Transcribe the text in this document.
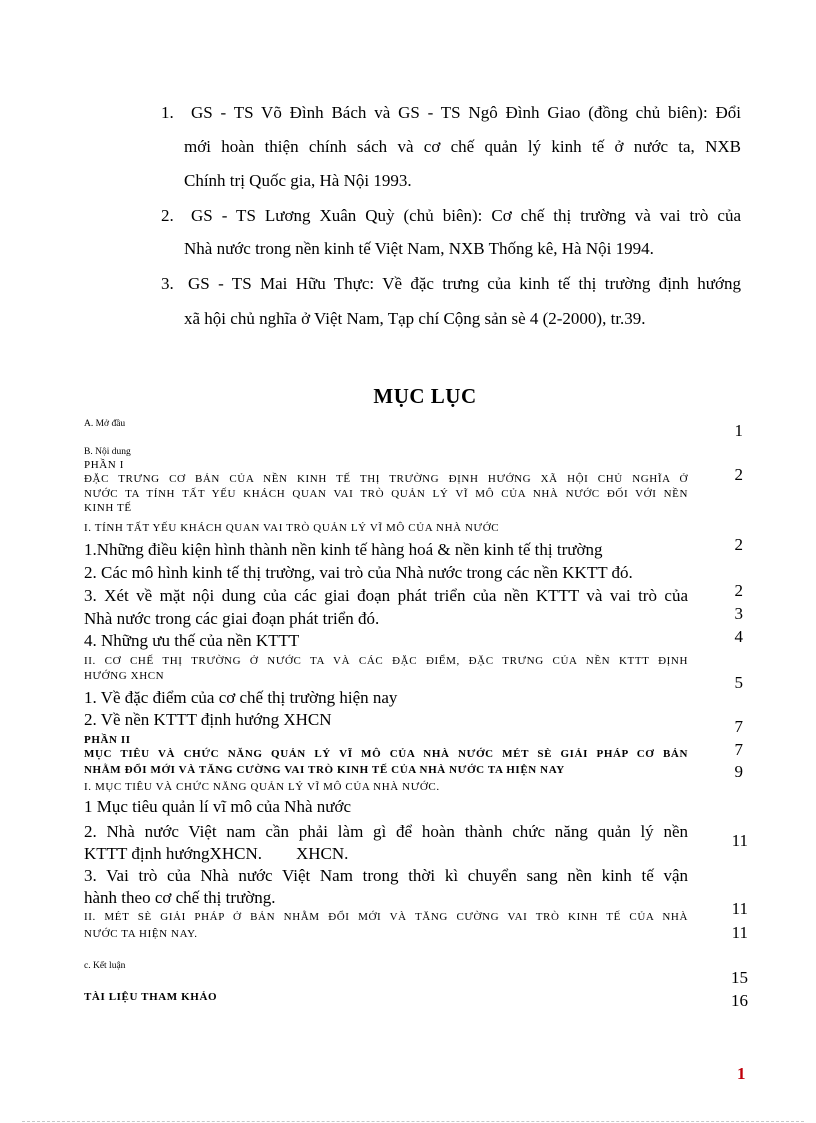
1. GS - TS Võ Đình Bách và GS - TS Ngô Đình Giao (đồng chủ biên): Đổi
mới hoàn thiện chính sách và cơ chế quản lý kinh tế ở nước ta, NXB
Chính trị Quốc gia, Hà Nội 1993.
2. GS - TS Lương Xuân Quỳ (chủ biên): Cơ chế thị trường và vai trò của
Nhà nước trong nền kinh tế Việt Nam, NXB Thống kê, Hà Nội 1994.
3. GS - TS Mai Hữu Thực: Về đặc trưng của kinh tế thị trường định hướng
xã hội chủ nghĩa ở Việt Nam, Tạp chí Cộng sản sè 4 (2-2000), tr.39.
MỤC LỤC
A. Mở đầu
B. Nội dung
PHẦN I
ĐẶC TRƯNG CƠ BẢN CỦA NỀN KINH TẾ THỊ TRƯỜNG ĐỊNH HƯỚNG XÃ HỘI CHỦ NGHĨA Ở
NƯỚC TA TÍNH TẤT YẾU KHÁCH QUAN VAI TRÒ QUẢN LÝ VĨ MÔ CỦA NHÀ NƯỚC ĐỐI VỚI NỀN
KINH TẾ
I. TÍNH TẤT YẾU KHÁCH QUAN VAI TRÒ QUẢN LÝ VĨ MÔ CỦA NHÀ NƯỚC
1.Những điều kiện hình thành nền kinh tế hàng hoá & nền kinh tế thị trường
2. Các mô hình kinh tế thị trường, vai trò của Nhà nước trong các nền KKTT đó.
3. Xét về mặt nội dung của các giai đoạn phát triển của nền KTTT và vai trò của
Nhà nước trong các giai đoạn phát triển đó.
4. Những ưu thế của nền KTTT
II. CƠ CHẾ THỊ TRƯỜNG Ở NƯỚC TA VÀ CÁC ĐẶC ĐIỂM, ĐẶC TRƯNG CỦA NỀN KTTT ĐỊNH
HƯỚNG XHCN
1. Về đặc điểm của cơ chế thị trường hiện nay
2. Về nền KTTT định hướng XHCN
PHẦN II
MỤC TIÊU VÀ CHỨC NĂNG QUẢN LÝ VĨ MÔ CỦA NHÀ NƯỚC MÉT SÈ GIẢI PHÁP CƠ BẢN
NHẰM ĐỔI MỚI VÀ TĂNG CƯỜNG VAI TRÒ KINH TẾ CỦA NHÀ NƯỚC TA HIỆN NAY
I. MỤC TIÊU VÀ CHỨC NĂNG QUẢN LÝ VĨ MÔ CỦA NHÀ NƯỚC.
1 Mục tiêu quản lí vĩ mô của Nhà nước
2. Nhà nước Việt nam cần phải làm gì để hoàn thành chức năng quản lý nền
KTTT định hướngXHCN.        XHCN.
3. Vai trò của Nhà nước Việt Nam trong thời kì chuyển sang nền kinh tế vận
hành theo cơ chế thị trường.
II. MÉT SÈ GIẢI PHÁP Ở BẢN NHẰM ĐỔI MỚI VÀ TĂNG CƯỜNG VAI TRÒ KINH TẾ CỦA NHÀ
NƯỚC TA HIỆN NAY.
c. Kết luận
TÀI LIỆU THAM KHẢO
1
2
2
2
3
4
5
7
7
9
11
11
11
15
16
1
